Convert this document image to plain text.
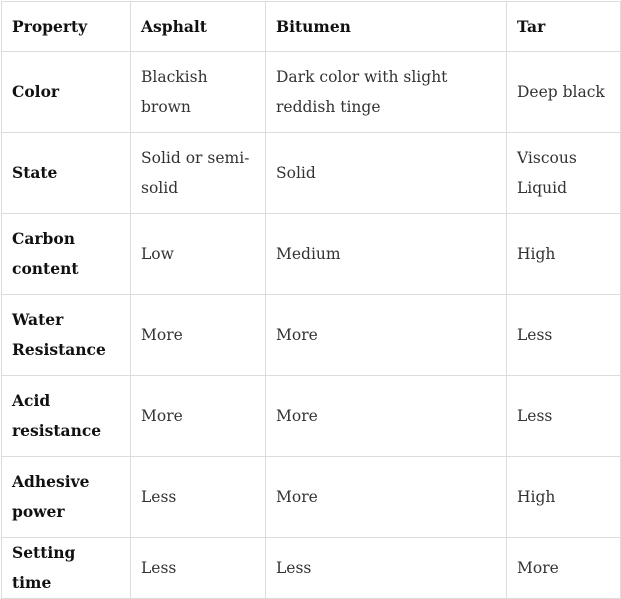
Property	Asphalt	Bitumen	Tar
Color	Blackish brown	Dark color with slight reddish tinge	Deep black
State	Solid or semi-solid	Solid	Viscous Liquid
Carbon content	Low	Medium	High
Water Resistance	More	More	Less
Acid resistance	More	More	Less
Adhesive power	Less	More	High
Setting time	Less	Less	More
